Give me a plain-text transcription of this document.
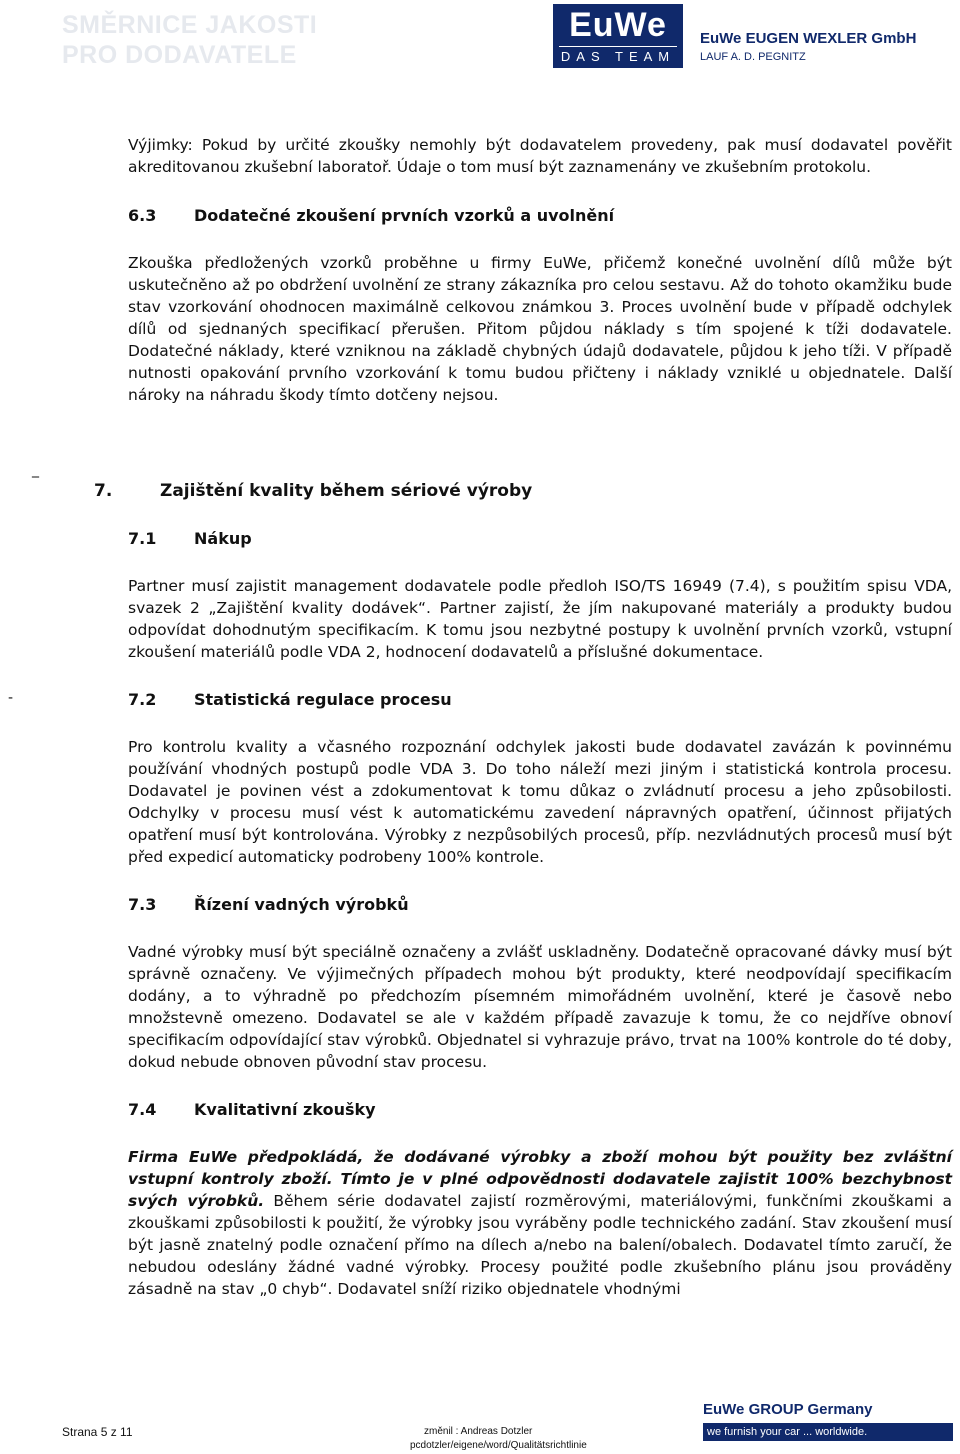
SMĚRNICE JAKOSTI
PRO DODAVATELE
EuWe
DAS TEAM
EuWe EUGEN WEXLER GmbH
LAUF A. D. PEGNITZ

Výjimky: Pokud by určité zkoušky nemohly být dodavatelem provedeny, pak musí dodavatel pověřit akreditovanou zkušební laboratoř. Údaje o tom musí být zaznamenány ve zkušebním protokolu.

6.3 Dodatečné zkoušení prvních vzorků a uvolnění

Zkouška předložených vzorků proběhne u firmy EuWe, přičemž konečné uvolnění dílů může být uskutečněno až po obdržení uvolnění ze strany zákazníka pro celou sestavu. Až do tohoto okamžiku bude stav vzorkování ohodnocen maximálně celkovou známkou 3. Proces uvolnění bude v případě odchylek dílů od sjednaných specifikací přerušen. Přitom půjdou náklady s tím spojené k tíži dodavatele. Dodatečné náklady, které vzniknou na základě chybných údajů dodavatele, půjdou k jeho tíži. V případě nutnosti opakování prvního vzorkování k tomu budou přičteny i náklady vzniklé u objednatele. Další nároky na náhradu škody tímto dotčeny nejsou.

_
7.	Zajištění kvality během sériové výroby
7.1 Nákup

Partner musí zajistit management dodavatele podle předloh ISO/TS 16949 (7.4), s použitím spisu VDA, svazek 2 „Zajištění kvality dodávek“. Partner zajistí, že jím nakupované materiály a produkty budou odpovídat dohodnutým specifikacím. K tomu jsou nezbytné postupy k uvolnění prvních vzorků, vstupní zkoušení materiálů podle VDA 2, hodnocení dodavatelů a příslušné dokumentace.

-	7.2 Statistická regulace procesu

Pro kontrolu kvality a včasného rozpoznání odchylek jakosti bude dodavatel zavázán k povinnému používání vhodných postupů podle VDA 3. Do toho náleží mezi jiným i statistická kontrola procesu. Dodavatel je povinen vést a zdokumentovat k tomu důkaz o zvládnutí procesu a jeho způsobilosti. Odchylky v procesu musí vést k automatickému zavedení nápravných opatření, účinnost přijatých opatření musí být kontrolována. Výrobky z nezpůsobilých procesů, příp. nezvládnutých procesů musí být před expedicí automaticky podrobeny 100% kontrole.

7.3 Řízení vadných výrobků

Vadné výrobky musí být speciálně označeny a zvlášť uskladněny. Dodatečně opracované dávky musí být správně označeny. Ve výjimečných případech mohou být produkty, které neodpovídají specifikacím dodány, a to výhradně po předchozím písemném mimořádném uvolnění, které je časově nebo množstevně omezeno. Dodavatel se ale v každém případě zavazuje k tomu, že co nejdříve obnoví specifikacím odpovídající stav výrobků. Objednatel si vyhrazuje právo, trvat na 100% kontrole do té doby, dokud nebude obnoven původní stav procesu.

7.4 Kvalitativní zkoušky

Firma EuWe předpokládá, že dodávané výrobky a zboží mohou být použity bez zvláštní vstupní kontroly zboží. Tímto je v plné odpovědnosti dodavatele zajistit 100% bezchybnost svých výrobků. Během série dodavatel zajistí rozměrovými, materiálovými, funkčními zkouškami a zkouškami způsobilosti k použití, že výrobky jsou vyráběny podle technického zadání. Stav zkoušení musí být jasně znatelný podle označení přímo na dílech a/nebo na balení/obalech. Dodavatel tímto zaručí, že nebudou odeslány žádné vadné výrobky. Procesy použité podle zkušebního plánu jsou prováděny zásadně na stav „0 chyb“. Dodavatel sníží riziko objednatele vhodnými

Strana 5 z 11	změnil : Andreas Dotzler
pcdotzler/eigene/word/Qualitätsrichtlinie
EuWe GROUP Germany
we furnish your car ... worldwide.
